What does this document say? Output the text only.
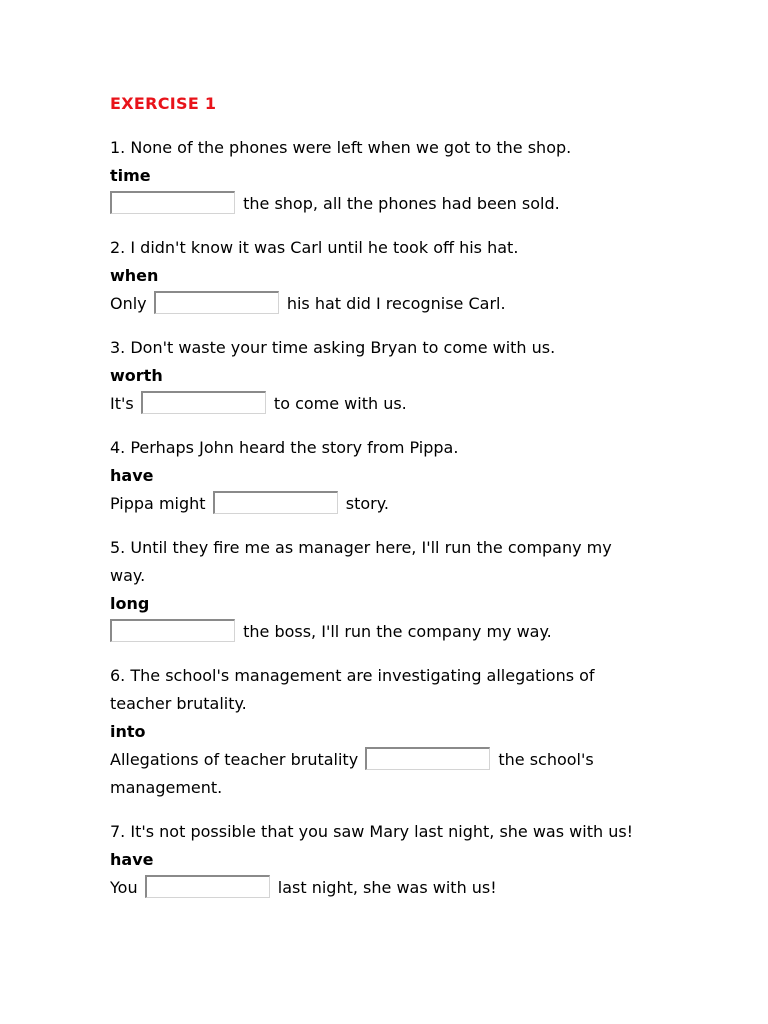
EXERCISE 1
1. None of the phones were left when we got to the shop.
time
the shop, all the phones had been sold.
2. I didn't know it was Carl until he took off his hat.
when
Only	his hat did I recognise Carl.
3. Don't waste your time asking Bryan to come with us.
worth
It's	to come with us.
4. Perhaps John heard the story from Pippa.
have
Pippa might	story.
5. Until they fire me as manager here, I'll run the company my way.
long
the boss, I'll run the company my way.
6. The school's management are investigating allegations of teacher brutality.
into
Allegations of teacher brutality	the school's management.
7. It's not possible that you saw Mary last night, she was with us!
have
You	last night, she was with us!
